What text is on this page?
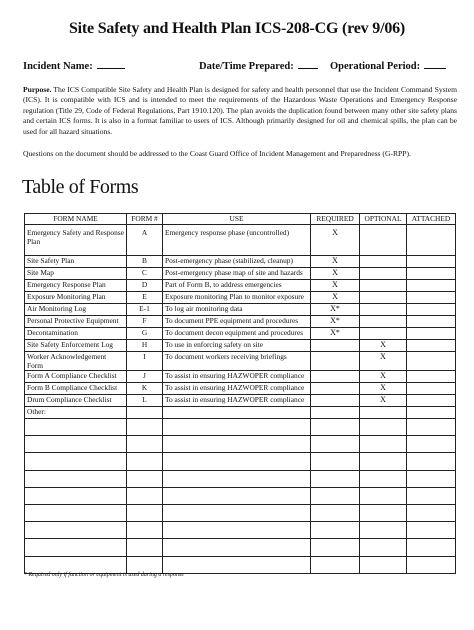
Site Safety and Health Plan ICS-208-CG (rev 9/06)
Incident Name:	Date/Time Prepared:	Operational Period:
Purpose. The ICS Compatible Site Safety and Health Plan is designed for safety and health personnel that use the Incident Command System (ICS). It is compatible with ICS and is intended to meet the requirements of the Hazardous Waste Operations and Emergency Response regulation (Title 29, Code of Federal Regulations, Part 1910.120). The plan avoids the duplication found between many other site safety plans and certain ICS forms. It is also in a format familiar to users of ICS. Although primarily designed for oil and chemical spills, the plan can be used for all hazard situations.
Questions on the document should be addressed to the Coast Guard Office of Incident Management and Preparedness (G-RPP).
Table of Forms
FORM NAME	FORM #	USE	REQUIRED	OPTIONAL	ATTACHED
Emergency Safety and Response Plan	A	Emergency response phase (uncontrolled)	X		
Site Safety Plan	B	Post-emergency phase (stabilized, cleanup)	X		
Site Map	C	Post-emergency phase map of site and hazards	X		
Emergency Response Plan	D	Part of Form B, to address emergencies	X		
Exposure Monitoring Plan	E	Exposure monitoring Plan to monitor exposure	X		
Air Monitoring Log	E-1	To log air monitoring data	X*		
Personal Protective Equipment	F	To document PPE equipment and procedures	X*		
Decontamination	G	To document decon equipment and procedures	X*		
Site Safety Enforcement Log	H	To use in enforcing safety on site		X	
Worker Acknowledgement Form	I	To document workers receiving briefings		X	
Form A Compliance Checklist	J	To assist in ensuring HAZWOPER compliance		X	
Form B Compliance Checklist	K	To assist in ensuring HAZWOPER compliance		X	
Drum Compliance Checklist	L	To assist in ensuring HAZWOPER compliance		X	
Other:					

* Required only if function or equipment is used during a response
